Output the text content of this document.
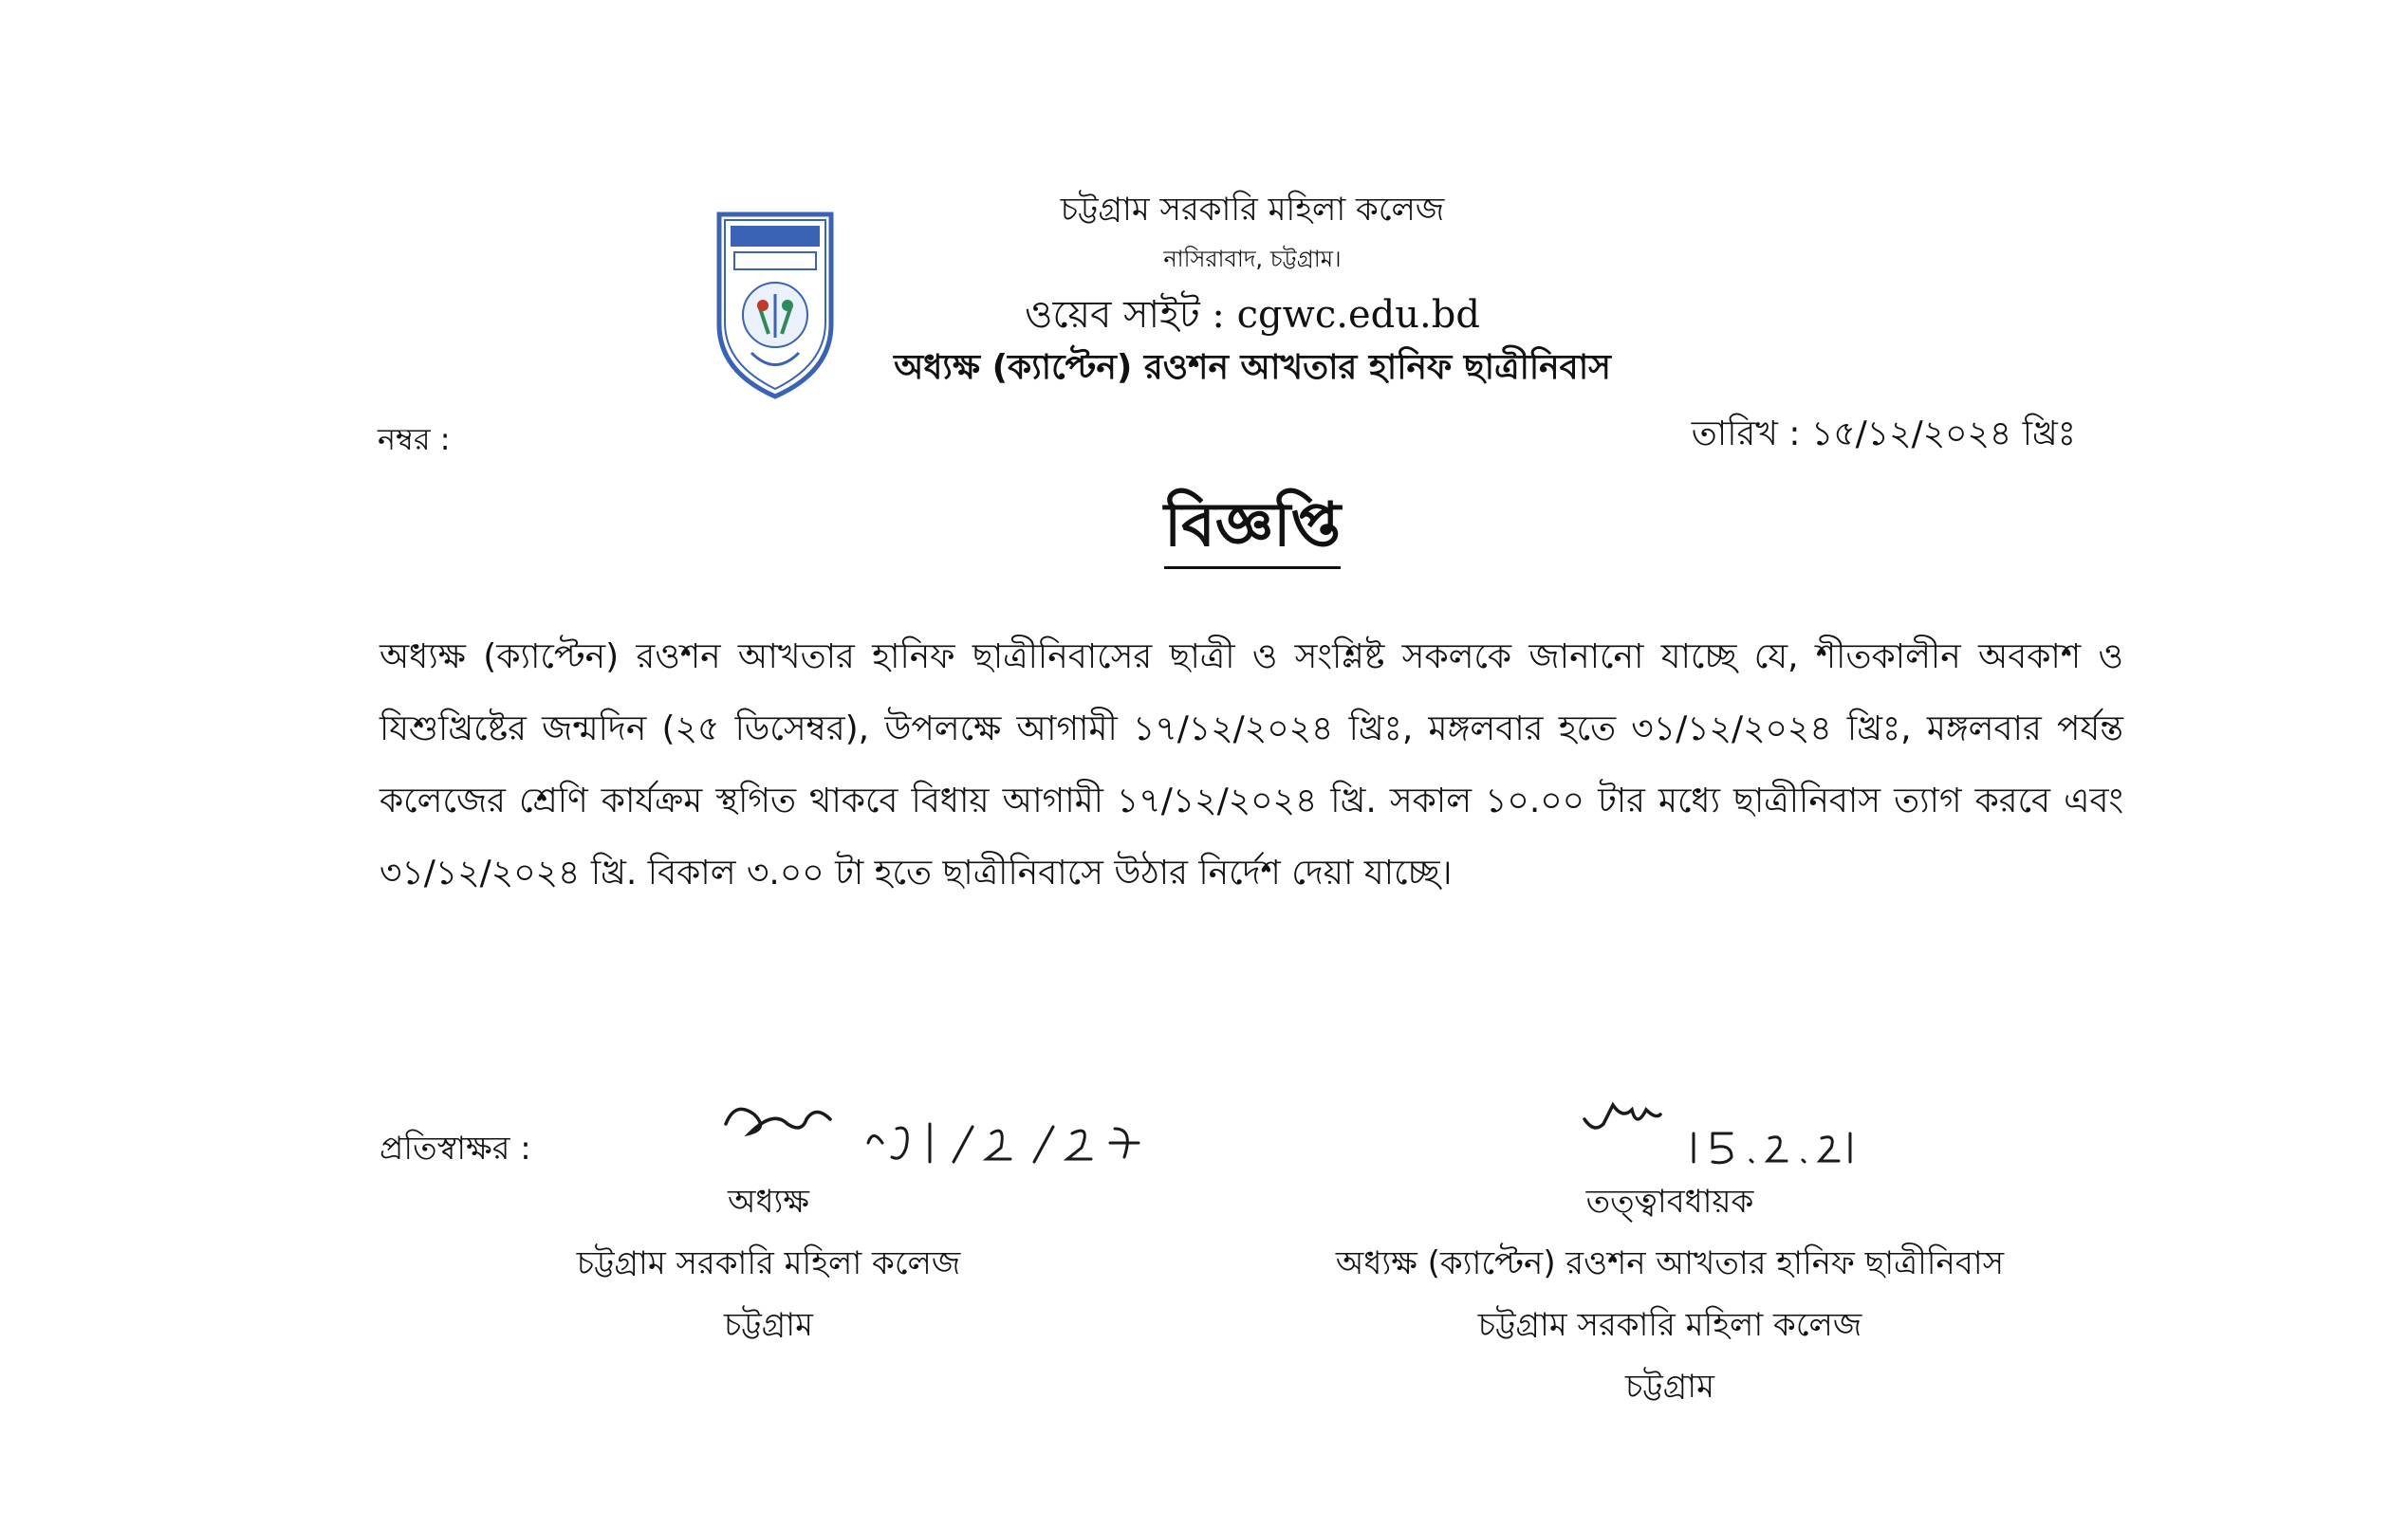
চট্টগ্রাম সরকারি মহিলা কলেজ
নাসিরাবাদ, চট্টগ্রাম।
ওয়েব সাইট : cgwc.edu.bd
অধ্যক্ষ (ক্যাপ্টেন) রওশন আখতার হানিফ ছাত্রীনিবাস
নম্বর :	তারিখ : ১৫/১২/২০২৪ খ্রিঃ
বিজ্ঞপ্তি
অধ্যক্ষ (ক্যাপ্টেন) রওশন আখতার হানিফ ছাত্রীনিবাসের ছাত্রী ও সংশ্লিষ্ট সকলকে জানানো যাচ্ছে যে, শীতকালীন অবকাশ ও যিশুখ্রিষ্টের জন্মদিন (২৫ ডিসেম্বর), উপলক্ষে আগামী ১৭/১২/২০২৪ খ্রিঃ, মঙ্গলবার হতে ৩১/১২/২০২৪ খ্রিঃ, মঙ্গলবার পর্যন্ত কলেজের শ্রেণি কার্যক্রম স্থগিত থাকবে বিধায় আগামী ১৭/১২/২০২৪ খ্রি. সকাল ১০.০০ টার মধ্যে ছাত্রীনিবাস ত্যাগ করবে এবং ৩১/১২/২০২৪ খ্রি. বিকাল ৩.০০ টা হতে ছাত্রীনিবাসে উঠার নির্দেশ দেয়া যাচ্ছে।
প্রতিস্বাক্ষর :
অধ্যক্ষ
চট্টগ্রাম সরকারি মহিলা কলেজ
চট্টগ্রাম
তত্ত্বাবধায়ক
অধ্যক্ষ (ক্যাপ্টেন) রওশন আখতার হানিফ ছাত্রীনিবাস
চট্টগ্রাম সরকারি মহিলা কলেজ
চট্টগ্রাম
